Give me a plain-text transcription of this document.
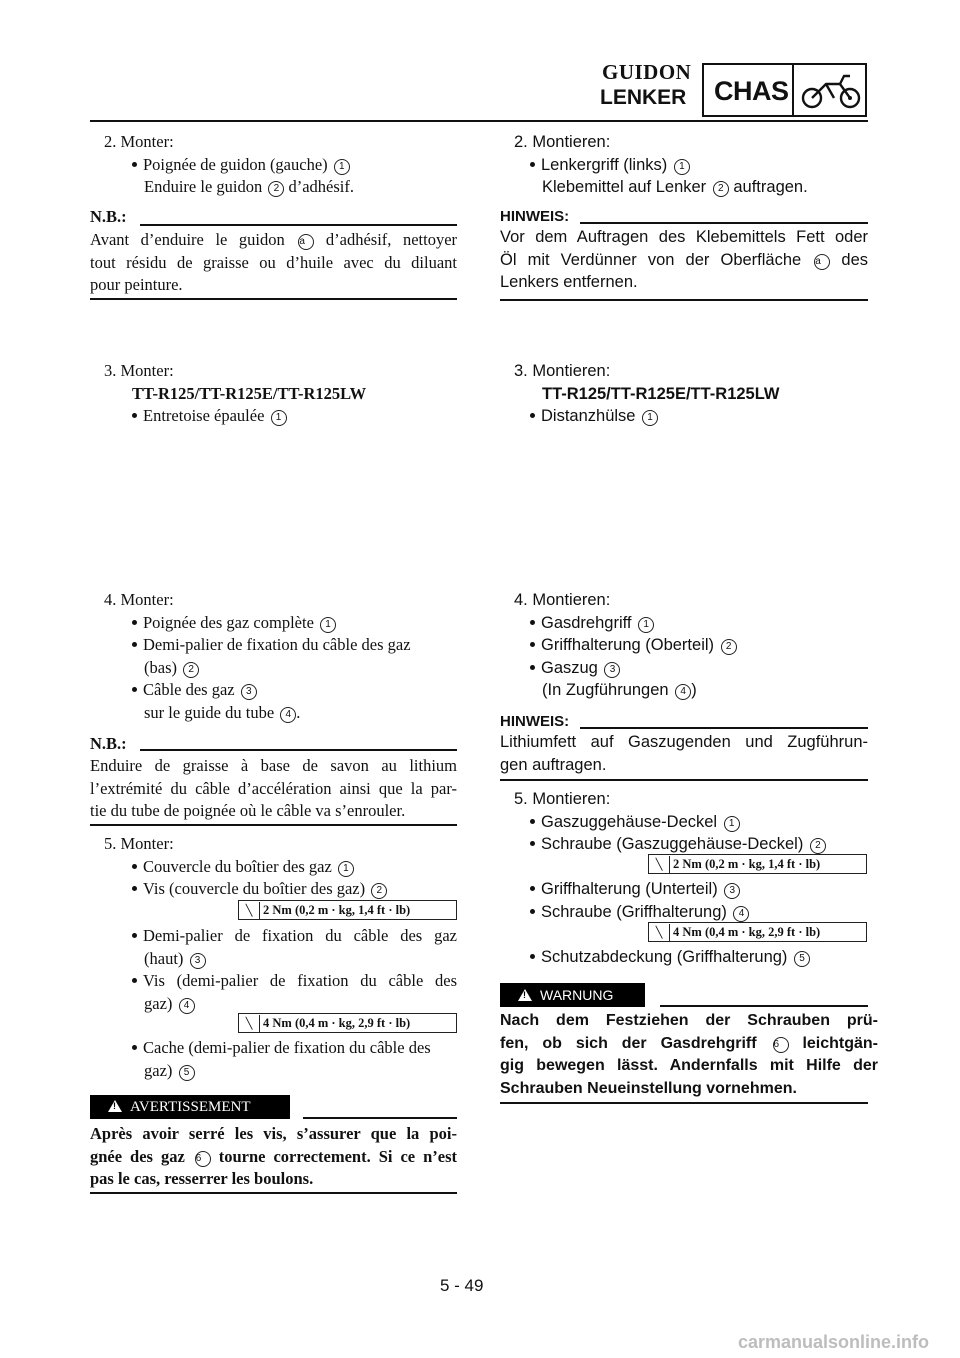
GUIDON
LENKER CHAS

2. Monter:

Poignée de guidon (gauche) 1

Enduire le guidon 2 d’adhésif.

N.B.:

Avant d’enduire le guidon a d’adhésif, nettoyer

tout résidu de graisse ou d’huile avec du diluant

pour peinture.

3. Monter:

TT-R125/TT-R125E/TT-R125LW

Entretoise épaulée 1

4. Monter:

Poignée des gaz complète 1

Demi-palier de fixation du câble des gaz

(bas) 2

Câble des gaz 3

sur le guide du tube 4 .

N.B.:

Enduire de graisse à base de savon au lithium

l’extrémité du câble d’accélération ainsi que la par-

tie du tube de poignée où le câble va s’enrouler.

5. Monter:

Couvercle du boîtier des gaz 1

Vis (couvercle du boîtier des gaz) 2

╲ 2 Nm (0,2 m · kg, 1,4 ft · lb)

Demi-palier de fixation du câble des gaz

(haut) 3

Vis (demi-palier de fixation du câble des

gaz) 4

╲ 4 Nm (0,4 m · kg, 2,9 ft · lb)

Cache (demi-palier de fixation du câble des

gaz) 5

!AVERTISSEMENT

Après avoir serré les vis, s’assurer que la poi-

gnée des gaz 6 tourne correctement. Si ce n’est

pas le cas, resserrer les boulons.

2. Montieren:

Lenkergriff (links) 1

Klebemittel auf Lenker 2 auftragen.

HINWEIS:

Vor dem Auftragen des Klebemittels Fett oder

Öl mit Verdünner von der Oberfläche a des

Lenkers entfernen.

3. Montieren:

TT-R125/TT-R125E/TT-R125LW

Distanzhülse 1

4. Montieren:

Gasdrehgriff 1

Griffhalterung (Oberteil) 2

Gaszug 3

(In Zugführungen 4 )

HINWEIS:

Lithiumfett auf Gaszugenden und Zugführun-

gen auftragen.

5. Montieren:

Gaszuggehäuse-Deckel 1

Schraube (Gaszuggehäuse-Deckel) 2

╲ 2 Nm (0,2 m · kg, 1,4 ft · lb)

Griffhalterung (Unterteil) 3

Schraube (Griffhalterung) 4

╲ 4 Nm (0,4 m · kg, 2,9 ft · lb)

Schutzabdeckung (Griffhalterung) 5

!WARNUNG

Nach dem Festziehen der Schrauben prü-

fen, ob sich der Gasdrehgriff 6 leichtgän-

gig bewegen lässt. Andernfalls mit Hilfe der

Schrauben Neueinstellung vornehmen.

5 - 49
carmanualsonline.info
